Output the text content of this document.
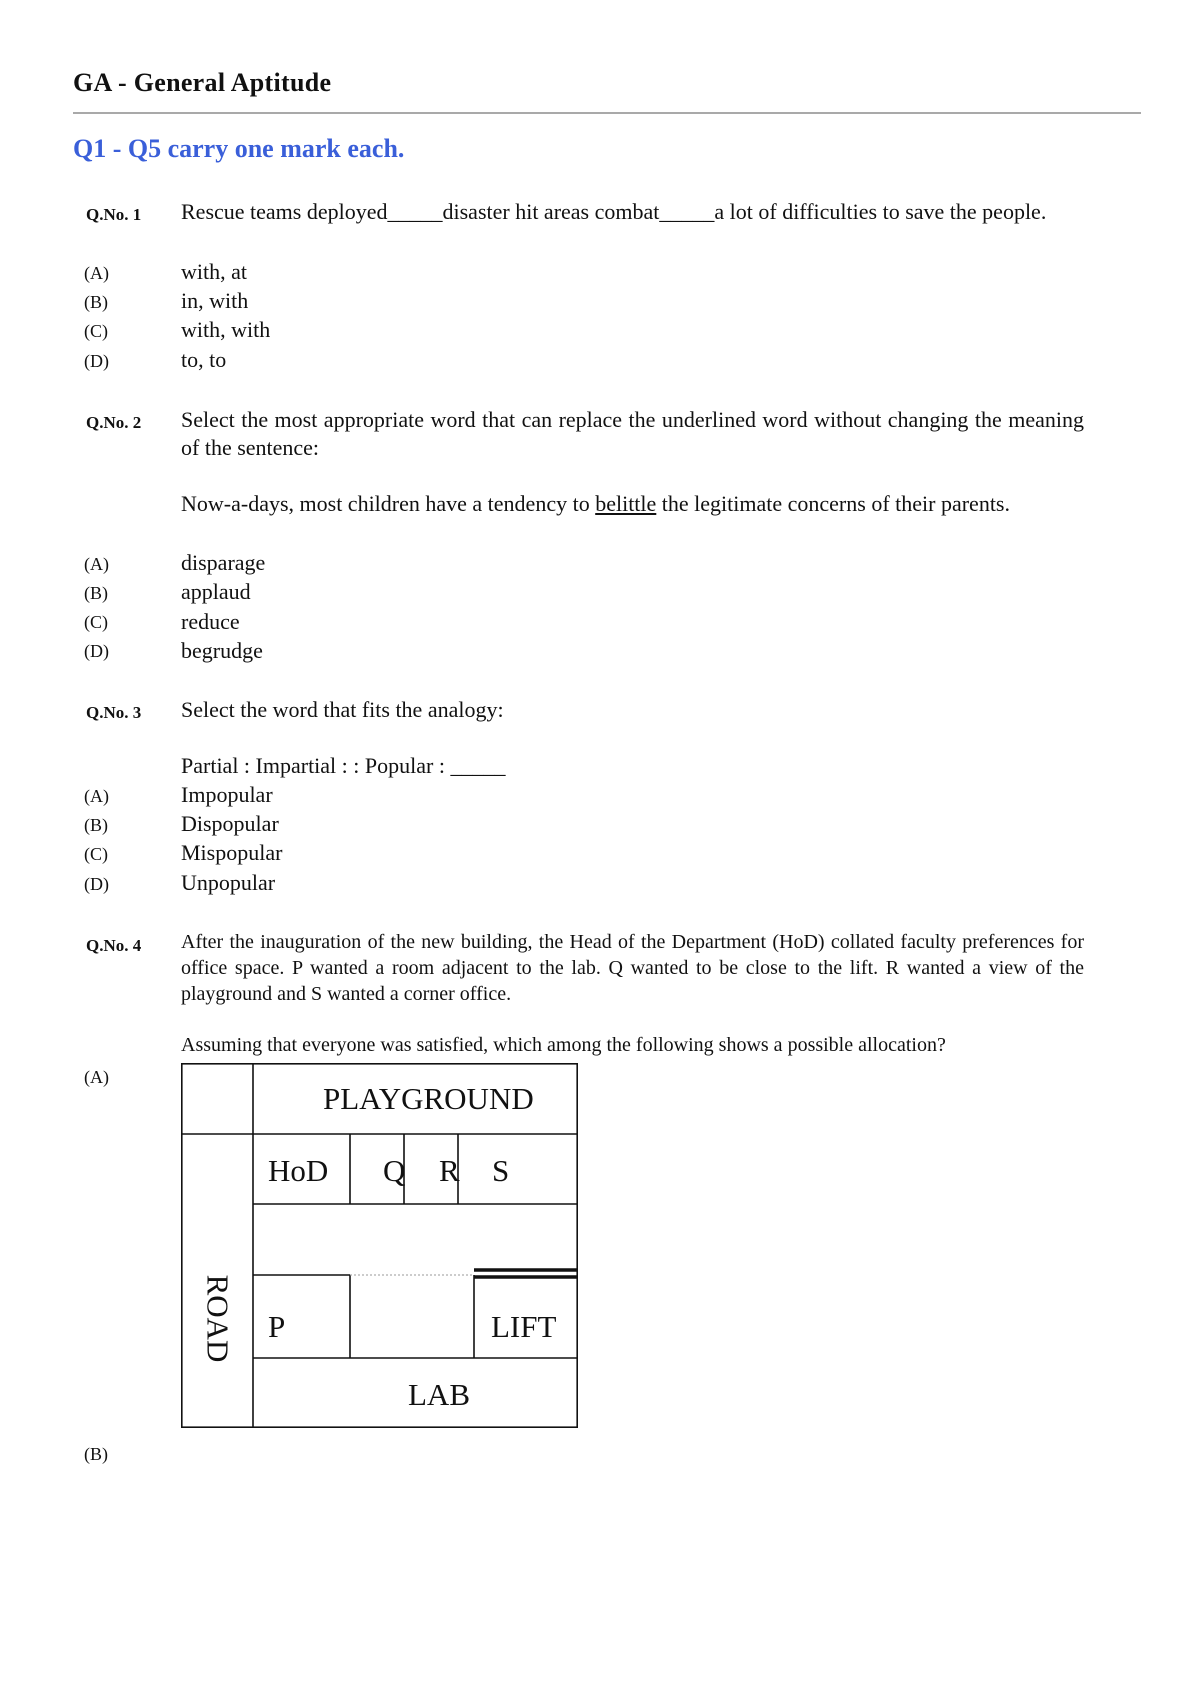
GA - General Aptitude
Q1 - Q5 carry one mark each.
Q.No. 1 Rescue teams deployed_____disaster hit areas combat_____a lot of difficulties to save the people.
(A)	with, at
(B)	in, with
(C)	with, with
(D)	to, to
Q.No. 2 Select the most appropriate word that can replace the underlined word without changing the meaning of the sentence:
Now-a-days, most children have a tendency to belittle the legitimate concerns of their parents.
(A)	disparage
(B)	applaud
(C)	reduce
(D)	begrudge
Q.No. 3 Select the word that fits the analogy:
Partial : Impartial : : Popular : _____
(A)	Impopular
(B)	Dispopular
(C)	Mispopular
(D)	Unpopular
Q.No. 4 After the inauguration of the new building, the Head of the Department (HoD) collated faculty preferences for office space. P wanted a room adjacent to the lab. Q wanted to be close to the lift. R wanted a view of the playground and S wanted a corner office.
Assuming that everyone was satisfied, which among the following shows a possible allocation?
(A)
PLAYGROUND
HoD Q R S
ROAD P	LIFT
LAB
(B)
